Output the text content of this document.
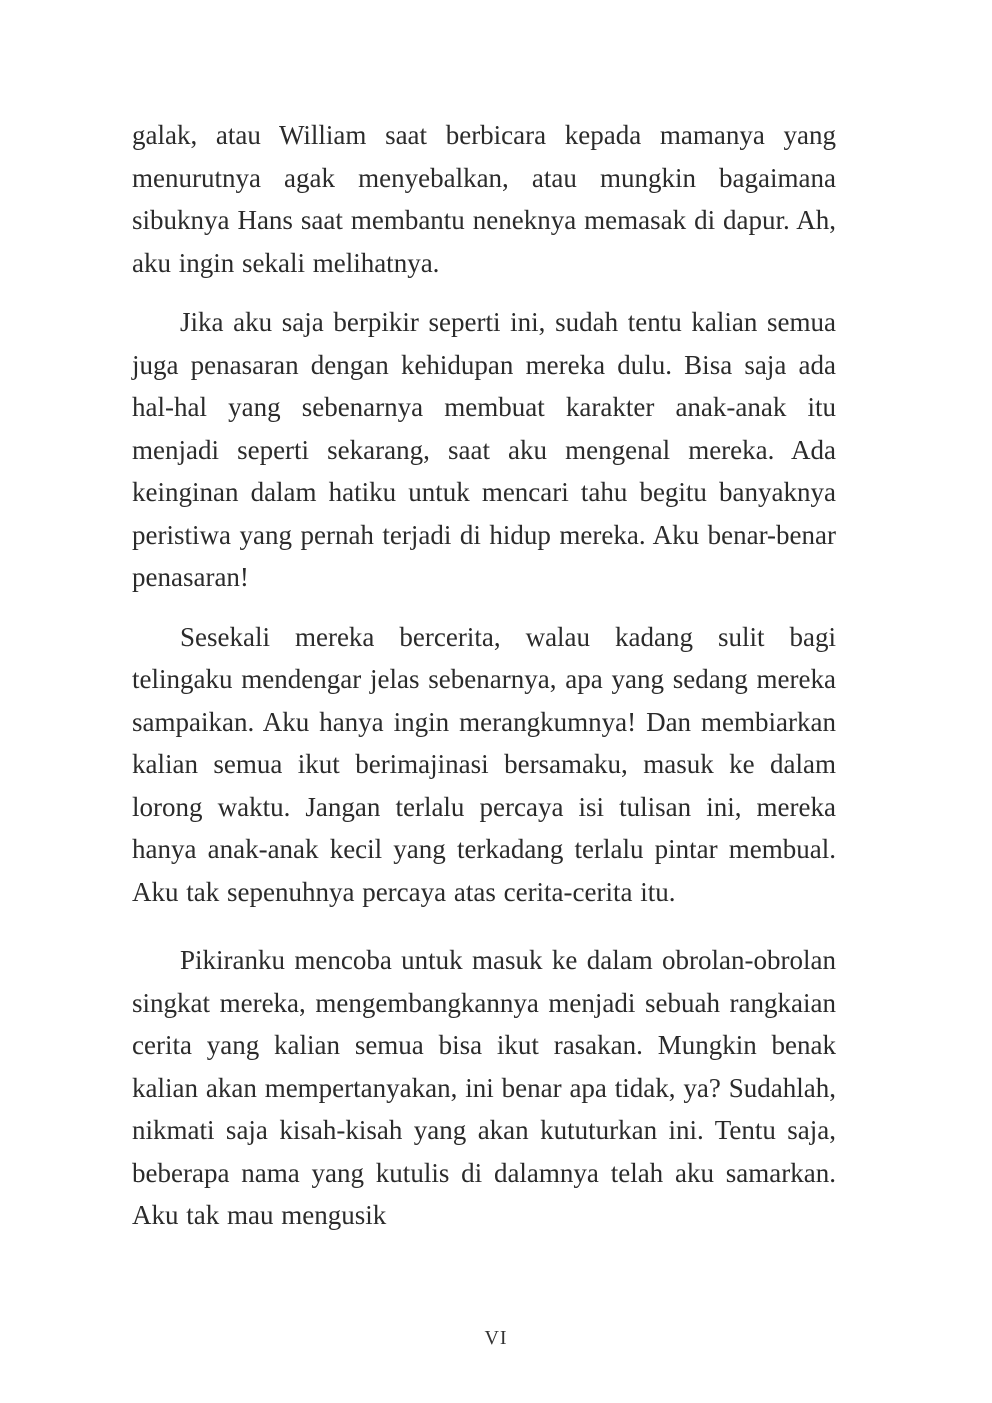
galak, atau William saat berbicara kepada mamanya yang menurutnya agak menyebalkan, atau mungkin bagaimana sibuknya Hans saat membantu neneknya memasak di dapur. Ah, aku ingin sekali melihatnya.

Jika aku saja berpikir seperti ini, sudah tentu kalian semua juga penasaran dengan kehidupan mereka dulu. Bisa saja ada hal-hal yang sebenarnya membuat karakter anak-anak itu menjadi seperti sekarang, saat aku mengenal mereka. Ada keinginan dalam hatiku untuk mencari tahu begitu banyaknya peristiwa yang pernah terjadi di hidup mereka. Aku benar-benar penasaran!

Sesekali mereka bercerita, walau kadang sulit bagi telingaku mendengar jelas sebenarnya, apa yang sedang mereka sampaikan. Aku hanya ingin merangkumnya! Dan membiarkan kalian semua ikut berimajinasi bersamaku, masuk ke dalam lorong waktu. Jangan terlalu percaya isi tulisan ini, mereka hanya anak-anak kecil yang terkadang terlalu pintar membual. Aku tak sepenuhnya percaya atas cerita-cerita itu.

Pikiranku mencoba untuk masuk ke dalam obrolan-obrolan singkat mereka, mengembangkannya menjadi sebuah rangkaian cerita yang kalian semua bisa ikut rasakan. Mungkin benak kalian akan mempertanyakan, ini benar apa tidak, ya? Sudahlah, nikmati saja kisah-kisah yang akan kututurkan ini. Tentu saja, beberapa nama yang kutulis di dalamnya telah aku samarkan. Aku tak mau mengusik

VI
